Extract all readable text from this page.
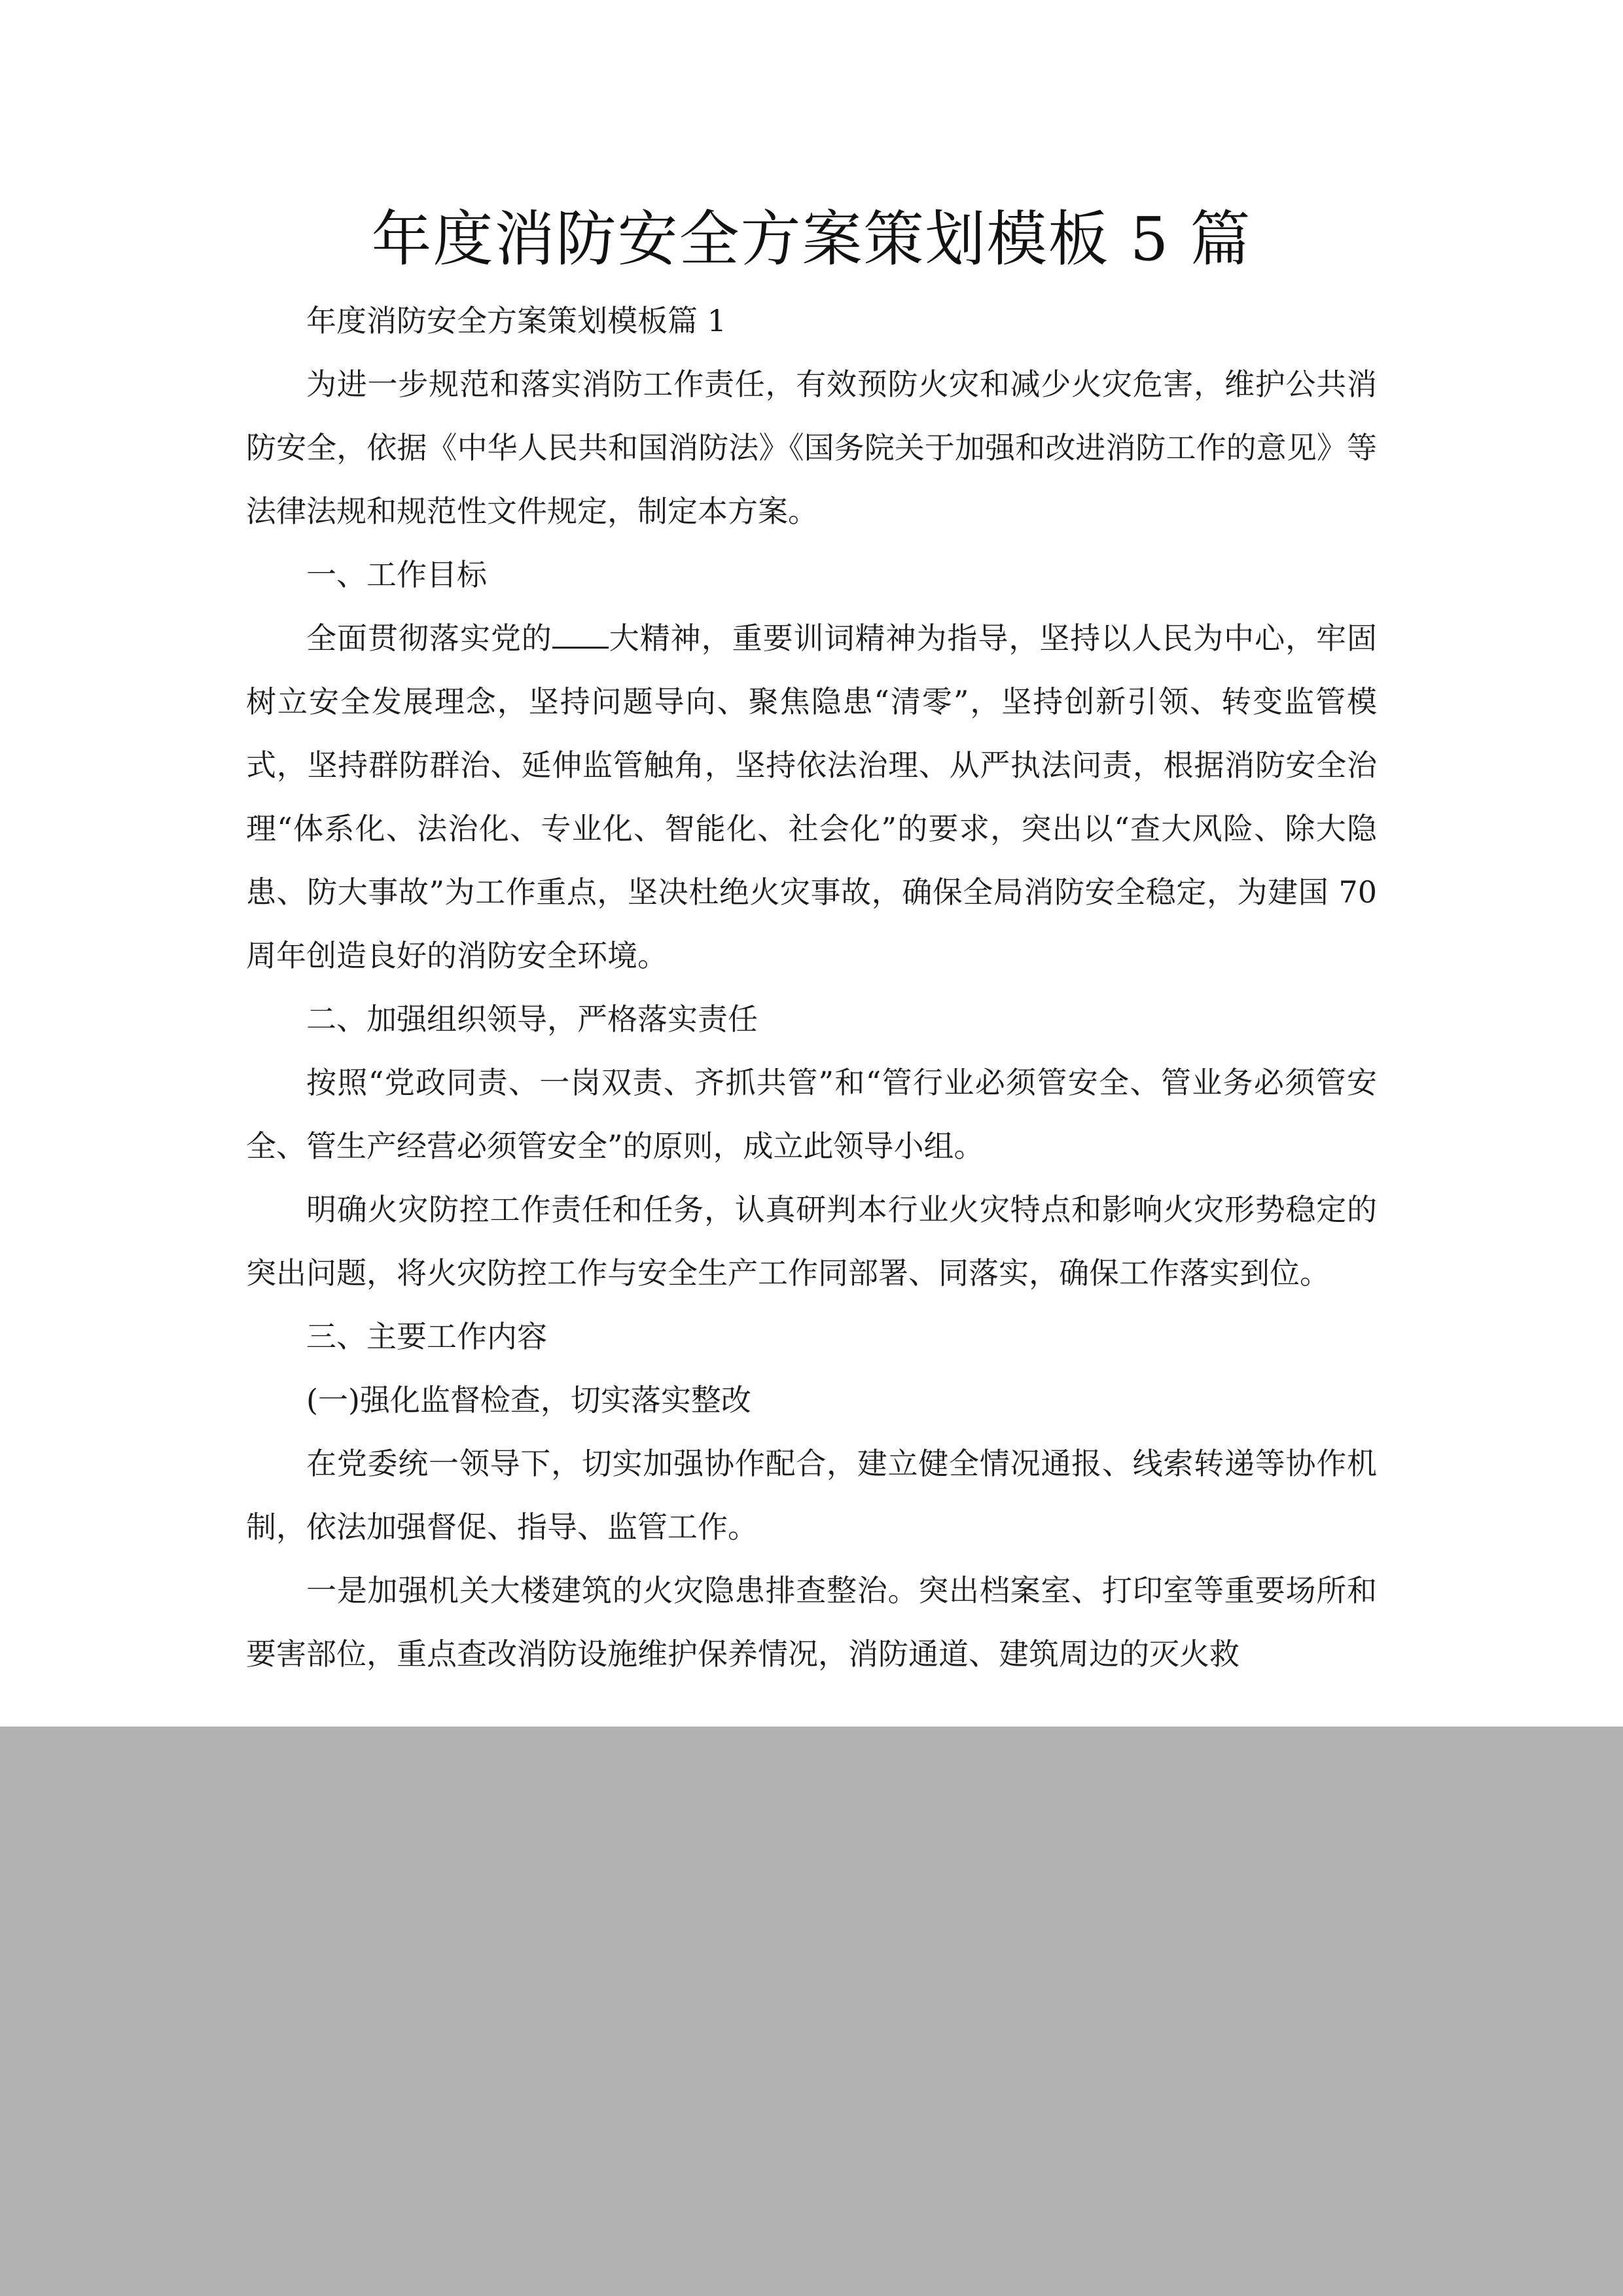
年度消防安全方案策划模板 5 篇

年度消防安全方案策划模板篇 1

为进一步规范和落实消防工作责任，有效预防火灾和减少火灾危害，维护公共消防安全，依据《中华人民共和国消防法》《国务院关于加强和改进消防工作的意见》等法律法规和规范性文件规定，制定本方案。

一、工作目标

全面贯彻落实党的 大精神，重要训词精神为指导，坚持以人民为中心，牢固树立安全发展理念，坚持问题导向、聚焦隐患“清零”，坚持创新引领、转变监管模式，坚持群防群治、延伸监管触角，坚持依法治理、从严执法问责，根据消防安全治理“体系化、法治化、专业化、智能化、社会化”的要求，突出以“查大风险、除大隐患、防大事故”为工作重点，坚决杜绝火灾事故，确保全局消防安全稳定，为建国 70 周年创造良好的消防安全环境。

二、加强组织领导，严格落实责任

按照“党政同责、一岗双责、齐抓共管”和“管行业必须管安全、管业务必须管安全、管生产经营必须管安全”的原则，成立此领导小组。

明确火灾防控工作责任和任务，认真研判本行业火灾特点和影响火灾形势稳定的突出问题，将火灾防控工作与安全生产工作同部署、同落实，确保工作落实到位。

三、主要工作内容

(一)强化监督检查，切实落实整改

在党委统一领导下，切实加强协作配合，建立健全情况通报、线索转递等协作机制，依法加强督促、指导、监管工作。

一是加强机关大楼建筑的火灾隐患排查整治。突出档案室、打印室等重要场所和要害部位，重点查改消防设施维护保养情况，消防通道、建筑周边的灭火救
